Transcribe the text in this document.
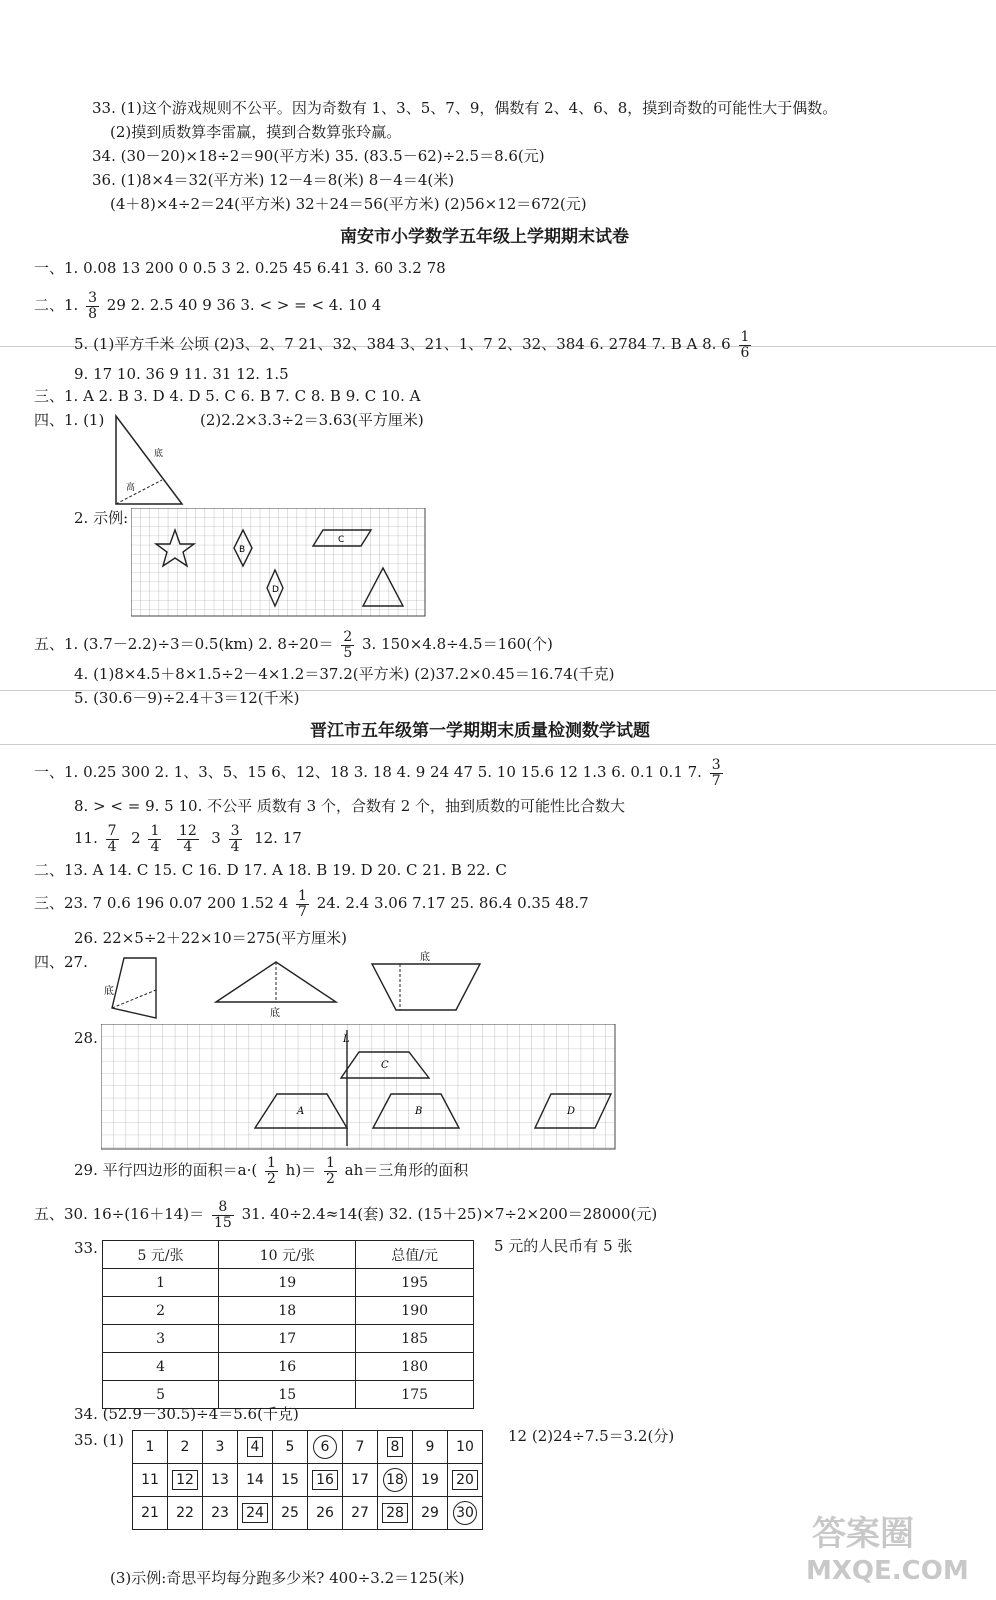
33. (1)这个游戏规则不公平。因为奇数有 1、3、5、7、9，偶数有 2、4、6、8，摸到奇数的可能性大于偶数。
(2)摸到质数算李雷赢，摸到合数算张玲赢。
34. (30－20)×18÷2＝90(平方米) 35. (83.5－62)÷2.5＝8.6(元)
36. (1)8×4＝32(平方米) 12－4＝8(米) 8－4＝4(米)
(4＋8)×4÷2＝24(平方米) 32＋24＝56(平方米) (2)56×12＝672(元)
南安市小学数学五年级上学期期末试卷
一、1. 0.08 13 200 0 0.5 3 2. 0.25 45 6.41 3. 60 3.2 78
二、1. $\frac{3}{8} 29$ 2. 2.5 40 9 36 3. < > = < 4. 10 4
5. (1)平方千米 公顷 (2)3、2、7 21、32、384 3、21、1、7 2、32、384 6. 2784 7. B A 8. $6 \frac{1}{6}$
9. 17 10. 36 9 11. 31 12. 1.5
三、1. A 2. B 3. D 4. D 5. C 6. B 7. C 8. B 9. C 10. A
四、1. (1)	(2)2.2×3.3÷2＝3.63(平方厘米)
底
高
2. 示例:
B
C
D
五、1. (3.7－2.2)÷3＝0.5(km) 2. $8\div 20= \frac{2}{5} 3$. 150×4.8÷4.5＝160(个)
4. (1)8×4.5＋8×1.5÷2－4×1.2＝37.2(平方米) (2)37.2×0.45＝16.74(千克)
5. (30.6－9)÷2.4＋3＝12(千米)
晋江市五年级第一学期期末质量检测数学试题
一、1. 0.25 300 2. 1、3、5、15 6、12、18 3. 18 4. 9 24 47 5. 10 15.6 12 1.3 6. 0.1 0.1 7. $\frac{3}{7}$
8. > < = 9. 5 10. 不公平 质数有 3 个，合数有 2 个，抽到质数的可能性比合数大
11. $\frac{7}{4} 2 \frac{1}{4}$
$\frac{12}{4} 3 \frac{3}{4} 12$. 17
二、13. A 14. C 15. C 16. D 17. A 18. B 19. D 20. C 21. B 22. C
三、23. 7 0.6 196 0.07 200 1.52 $4 \frac{1}{7} 24$. 2.4 3.06 7.17 25. 86.4 0.35 48.7
26. 22×5÷2＋22×10＝275(平方厘米)
四、27.
底
底
底
28.	L
C
A	B	D
29. 平行四边形的面积$=a\cdot( \frac{1}{2} h)= \frac{1}{2} ah=$三角形的面积
五、30. $16\div(16+14)= \frac{8}{15} 31$. 40÷2.4≈14(套) 32. (15＋25)×7÷2×200＝28000(元)
33.	5 元的人民币有 5 张
5 元/张	10 元/张	总值/元
1	19	195
2	18	190
3	17	185
4	16	180
5	15	175
34. (52.9－30.5)÷4＝5.6(千克)
35. (1)	12 (2)24÷7.5＝3.2(分)
1	2	3	4	5	6	7	8	9	10
11	12	13	14	15	16	17	18	19	20
21	22	23	24	25	26	27	28	29	30
(3)示例:奇思平均每分跑多少米? 400÷3.2＝125(米)
答案圈
MXQE.COM
